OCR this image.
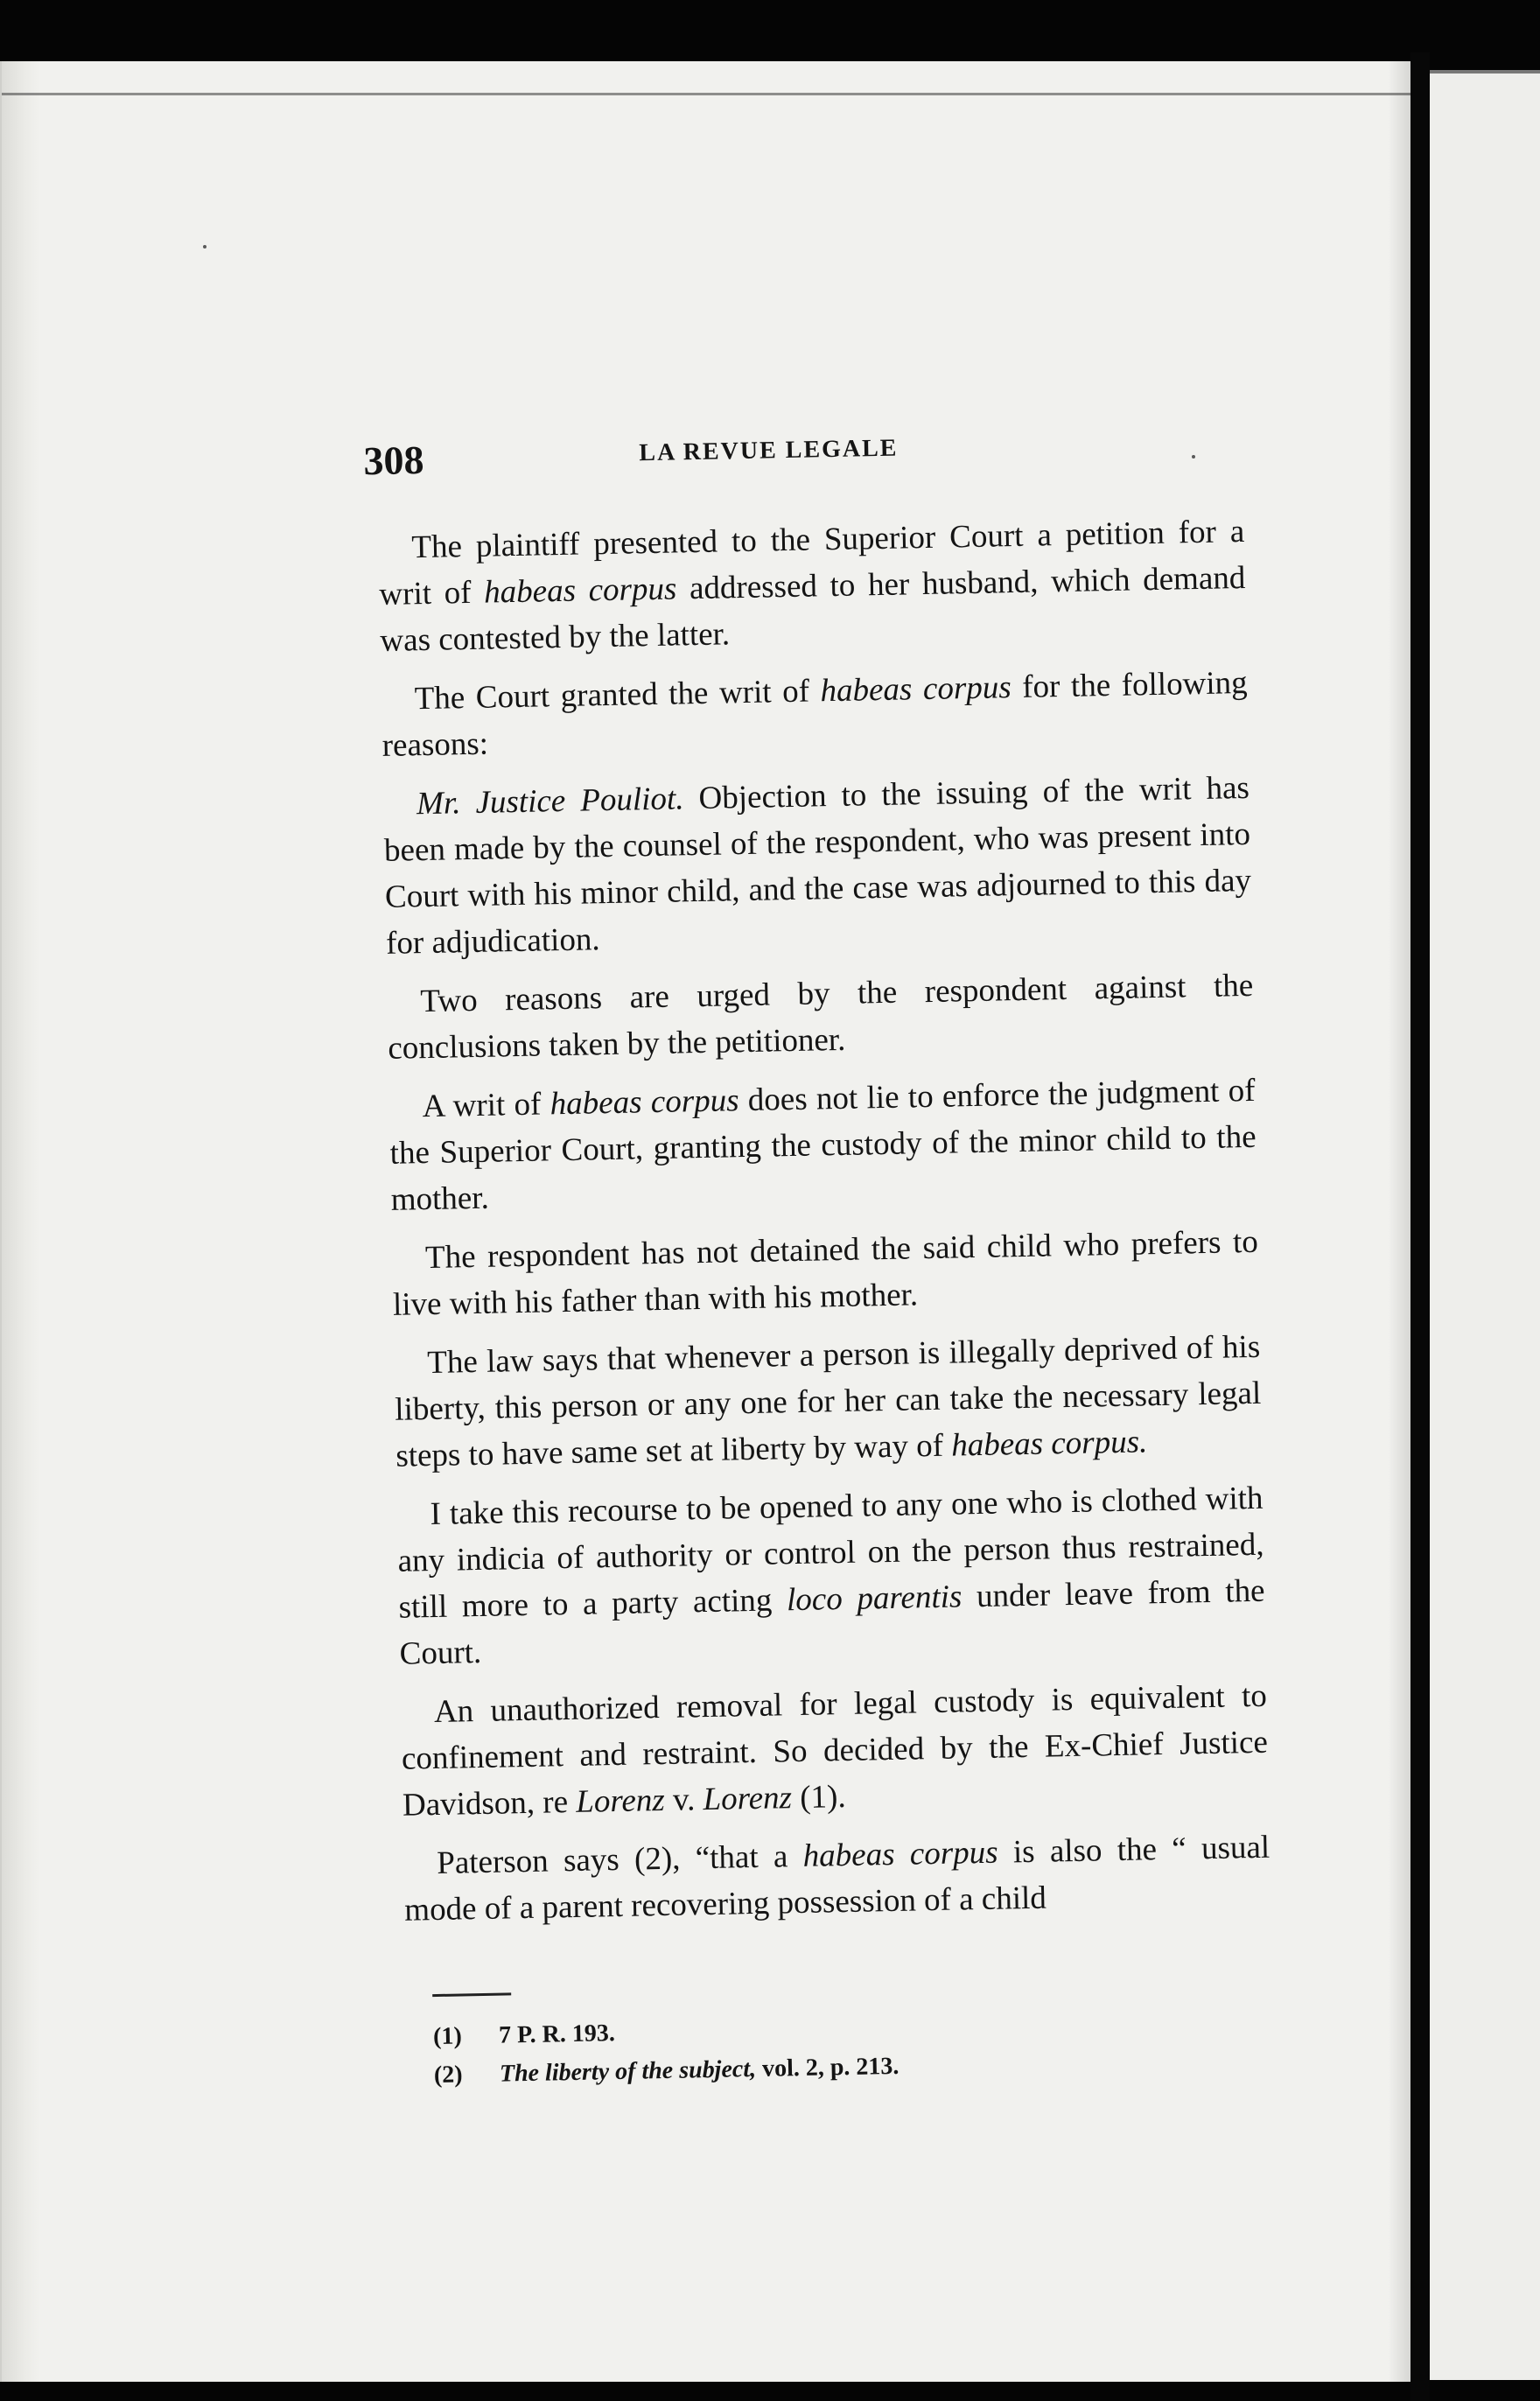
308	LA REVUE LEGALE

The plaintiff presented to the Superior Court a petition for a writ of habeas corpus addressed to her husband, which demand was contested by the latter.

The Court granted the writ of habeas corpus for the following reasons:

Mr. Justice Pouliot. Objection to the issuing of the writ has been made by the counsel of the respondent, who was present into Court with his minor child, and the case was adjourned to this day for adjudication.

Two reasons are urged by the respondent against the conclusions taken by the petitioner.

A writ of habeas corpus does not lie to enforce the judgment of the Superior Court, granting the custody of the minor child to the mother.

The respondent has not detained the said child who prefers to live with his father than with his mother.

The law says that whenever a person is illegally deprived of his liberty, this person or any one for her can take the necessary legal steps to have same set at liberty by way of habeas corpus.

I take this recourse to be opened to any one who is clothed with any indicia of authority or control on the person thus restrained, still more to a party acting loco parentis under leave from the Court.

An unauthorized removal for legal custody is equivalent to confinement and restraint. So decided by the Ex-Chief Justice Davidson, re Lorenz v. Lorenz (1).

Paterson says (2), “that a habeas corpus is also the “ usual mode of a parent recovering possession of a child

(1) 7 P. R. 193.
(2) The liberty of the subject, vol. 2, p. 213.
